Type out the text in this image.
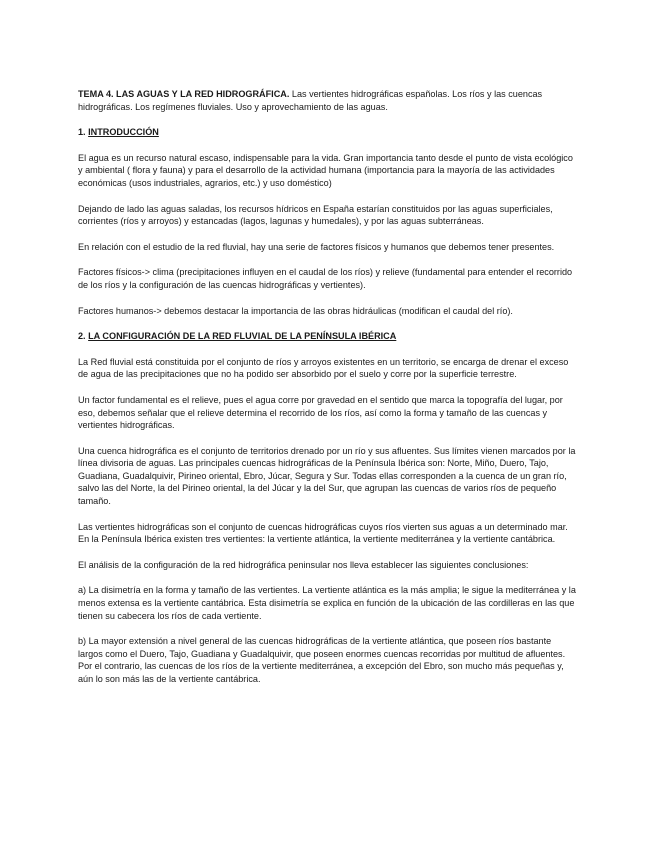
TEMA 4. LAS AGUAS Y LA RED HIDROGRÁFICA. Las vertientes hidrográficas españolas. Los ríos y las cuencas hidrográficas. Los regímenes fluviales. Uso y aprovechamiento de las aguas.

1. INTRODUCCIÓN

El agua es un recurso natural escaso, indispensable para la vida. Gran importancia tanto desde el punto de vista ecológico y ambiental ( flora y fauna) y para el desarrollo de la actividad humana (importancia para la mayoría de las actividades económicas (usos industriales, agrarios, etc.) y uso doméstico)

Dejando de lado las aguas saladas, los recursos hídricos en España estarían constituidos por las aguas superficiales, corrientes (ríos y arroyos) y estancadas (lagos, lagunas y humedales), y por las aguas subterráneas.

En relación con el estudio de la red fluvial, hay una serie de factores físicos y humanos que debemos tener presentes.

Factores físicos-> clima (precipitaciones influyen en el caudal de los ríos) y relieve (fundamental para entender el recorrido de los ríos y la configuración de las cuencas hidrográficas y vertientes).

Factores humanos-> debemos destacar la importancia de las obras hidráulicas (modifican el caudal del río).

2. LA CONFIGURACIÓN DE LA RED FLUVIAL DE LA PENÍNSULA IBÉRICA

La Red fluvial está constituida por el conjunto de ríos y arroyos existentes en un territorio, se encarga de drenar el exceso de agua de las precipitaciones que no ha podido ser absorbido por el suelo y corre por la superficie terrestre.

Un factor fundamental es el relieve, pues el agua corre por gravedad en el sentido que marca la topografía del lugar, por eso, debemos señalar que el relieve determina el recorrido de los ríos, así como la forma y tamaño de las cuencas y vertientes hidrográficas.

Una cuenca hidrográfica es el conjunto de territorios drenado por un río y sus afluentes. Sus límites vienen marcados por la línea divisoria de aguas. Las principales cuencas hidrográficas de la Península Ibérica son: Norte, Miño, Duero, Tajo, Guadiana, Guadalquivir, Pirineo oriental, Ebro, Júcar, Segura y Sur. Todas ellas corresponden a la cuenca de un gran río, salvo las del Norte, la del Pirineo oriental, la del Júcar y la del Sur, que agrupan las cuencas de varios ríos de pequeño tamaño.

Las vertientes hidrográficas son el conjunto de cuencas hidrográficas cuyos ríos vierten sus aguas a un determinado mar. En la Península Ibérica existen tres vertientes: la vertiente atlántica, la vertiente mediterránea y la vertiente cantábrica.

El análisis de la configuración de la red hidrográfica peninsular nos lleva establecer las siguientes conclusiones:

a) La disimetría en la forma y tamaño de las vertientes. La vertiente atlántica es la más amplia; le sigue la mediterránea y la menos extensa es la vertiente cantábrica. Esta disimetría se explica en función de la ubicación de las cordilleras en las que tienen su cabecera los ríos de cada vertiente.

b) La mayor extensión a nivel general de las cuencas hidrográficas de la vertiente atlántica, que poseen ríos bastante largos como el Duero, Tajo, Guadiana y Guadalquivir, que poseen enormes cuencas recorridas por multitud de afluentes. Por el contrario, las cuencas de los ríos de la vertiente mediterránea, a excepción del Ebro, son mucho más pequeñas y, aún lo son más las de la vertiente cantábrica.
